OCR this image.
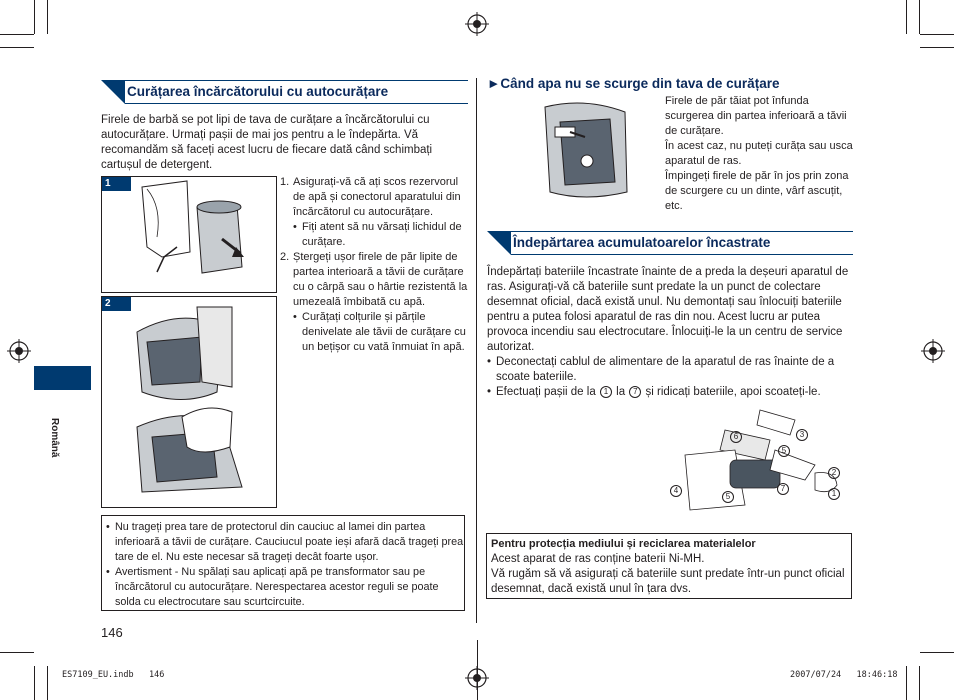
Română
Curățarea încărcătorului cu autocurățare
Firele de barbă se pot lipi de tava de curățare a încărcătorului cu autocurățare. Urmați pașii de mai jos pentru a le îndepărta. Vă recomandăm să faceți acest lucru de fiecare dată când schimbați cartușul de detergent.
1
2
1. Asigurați-vă că ați scos rezervorul de apă și conectorul aparatului din încărcătorul cu autocurățare.
• Fiți atent să nu vărsați lichidul de curățare.
2. Ștergeți ușor firele de păr lipite de partea interioară a tăvii de curățare cu o cârpă sau o hârtie rezistentă la umezeală îmbibată cu apă.
• Curățați colțurile și părțile denivelate ale tăvii de curățare cu un bețișor cu vată înmuiat în apă.
• Nu trageți prea tare de protectorul din cauciuc al lamei din partea inferioară a tăvii de curățare. Cauciucul poate ieși afară dacă trageți prea tare de el. Nu este necesar să trageți decât foarte ușor.
• Avertisment - Nu spălați sau aplicați apă pe transformator sau pe încărcătorul cu autocurățare. Nerespectarea acestor reguli se poate solda cu electrocutare sau scurtcircuite.
146
►Când apa nu se scurge din tava de curățare
Firele de păr tăiat pot înfunda scurgerea din partea inferioară a tăvii de curățare.
În acest caz, nu puteți curăța sau usca aparatul de ras.
Împingeți firele de păr în jos prin zona de scurgere cu un dinte, vârf ascuțit, etc.
Îndepărtarea acumulatoarelor încastrate
Îndepărtați bateriile încastrate înainte de a preda la deșeuri aparatul de ras. Asigurați-vă că bateriile sunt predate la un punct de colectare desemnat oficial, dacă există unul. Nu demontați sau înlocuiți bateriile pentru a putea folosi aparatul de ras din nou. Acest lucru ar putea provoca incendiu sau electrocutare. Înlocuiți-le la un centru de service autorizat.
• Deconectați cablul de alimentare de la aparatul de ras înainte de a scoate bateriile.
• Efectuați pașii de la 1 la 7 și ridicați bateriile, apoi scoateți-le.
6	3
5
2
7
4
5	1
Pentru protecția mediului și reciclarea materialelor
Acest aparat de ras conține baterii Ni-MH.
Vă rugăm să vă asigurați că bateriile sunt predate într-un punct oficial desemnat, dacă există unul în țara dvs.
ES7109_EU.indb   146	2007/07/24   18:46:18
